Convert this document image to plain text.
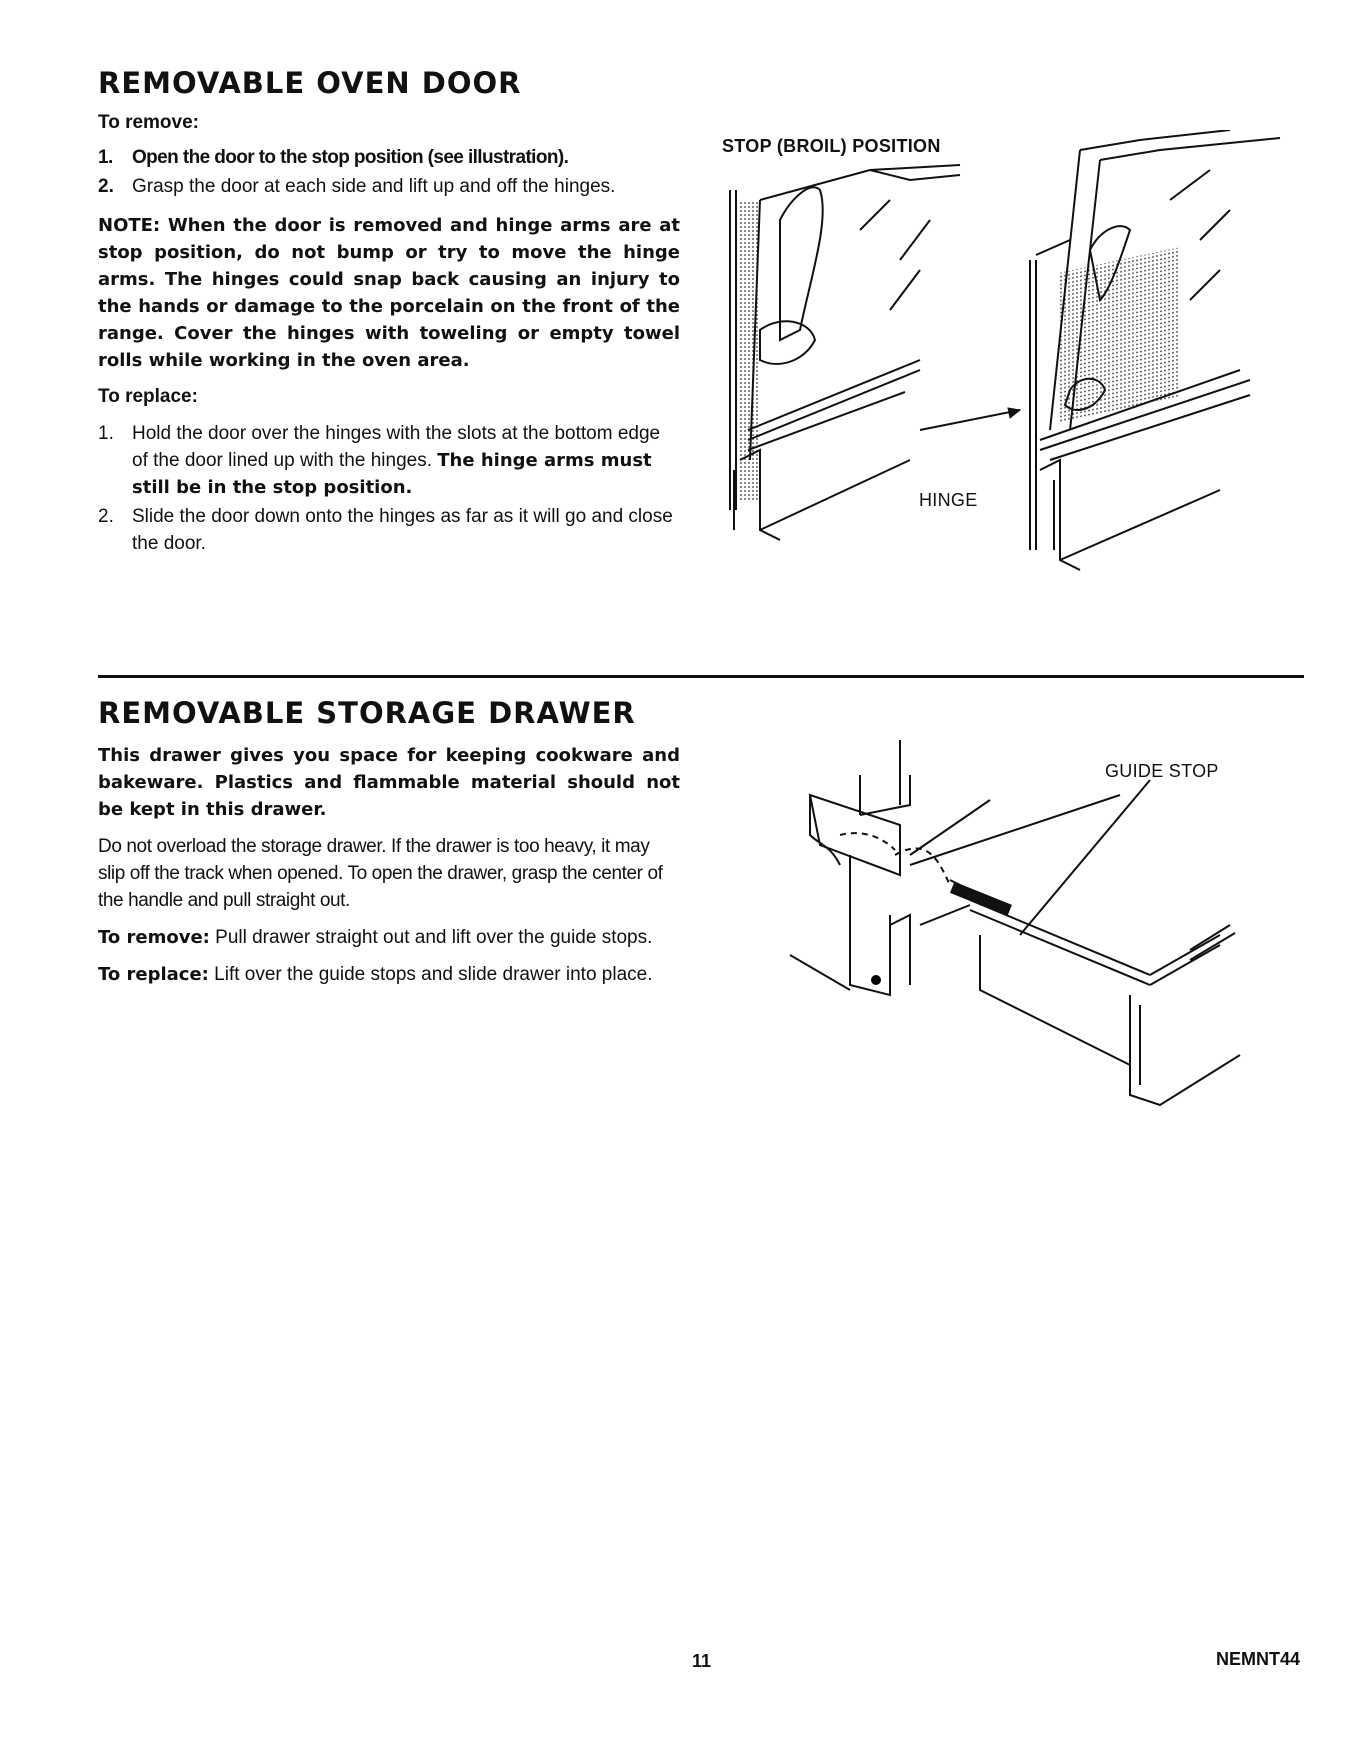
REMOVABLE OVEN DOOR

To remove:

1. Open the door to the stop position (see illustration).
2. Grasp the door at each side and lift up and off the hinges.

NOTE: When the door is removed and hinge arms are at stop position, do not bump or try to move the hinge arms. The hinges could snap back causing an injury to the hands or damage to the porcelain on the front of the range. Cover the hinges with toweling or empty towel rolls while working in the oven area.

To replace:

1. Hold the door over the hinges with the slots at the bottom edge of the door lined up with the hinges. The hinge arms must still be in the stop position.
2. Slide the door down onto the hinges as far as it will go and close the door.
STOP (BROIL) POSITION
HINGE
REMOVABLE STORAGE DRAWER

This drawer gives you space for keeping cookware and bakeware. Plastics and flammable material should not be kept in this drawer.

Do not overload the storage drawer. If the drawer is too heavy, it may slip off the track when opened. To open the drawer, grasp the center of the handle and pull straight out.

To remove: Pull drawer straight out and lift over the guide stops.

To replace: Lift over the guide stops and slide drawer into place.

GUIDE STOP
11	NEMNT44
